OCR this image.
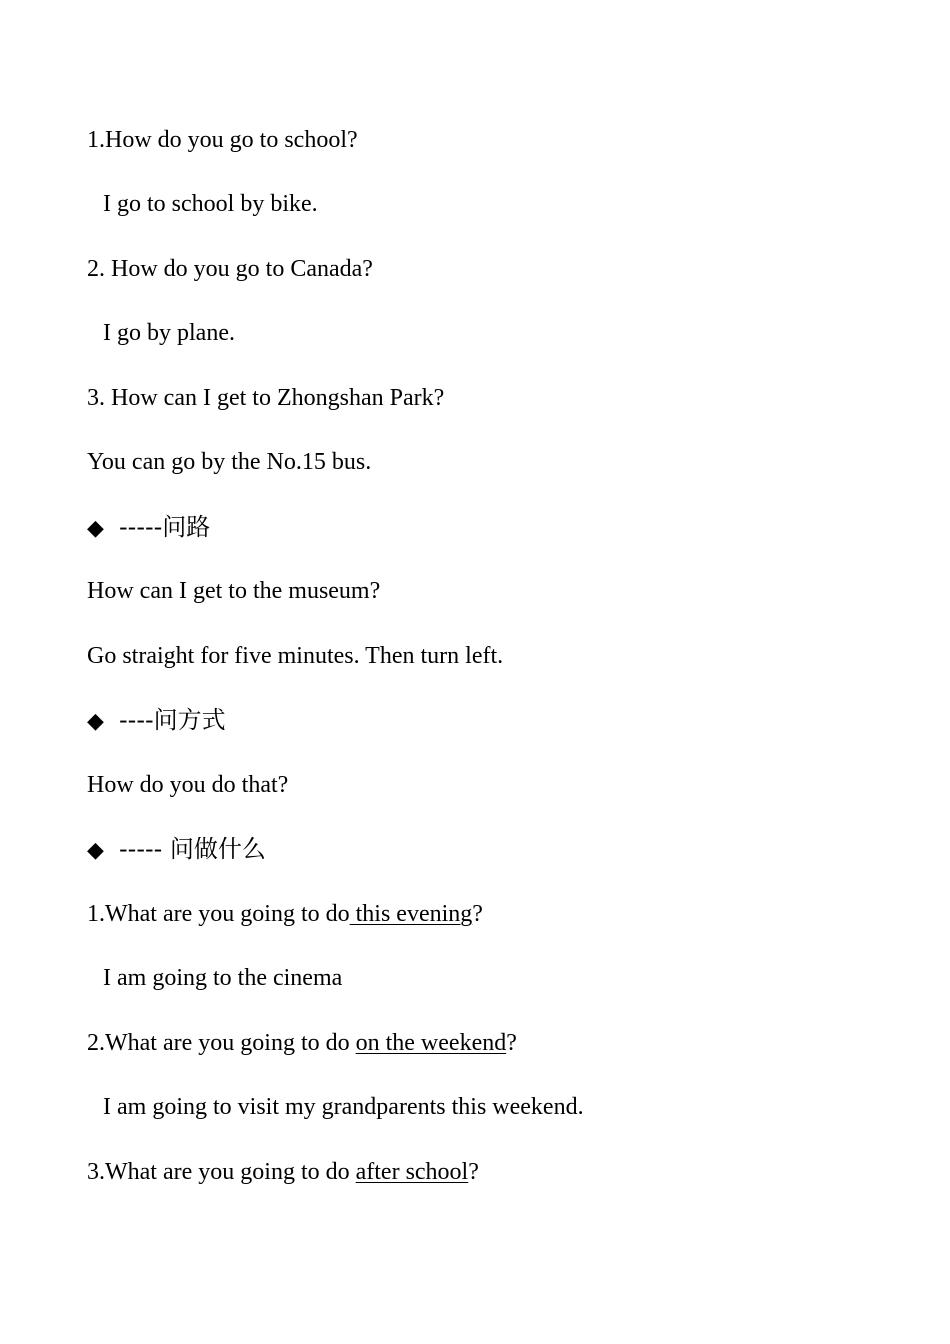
1.How do you go to school?

I go to school by bike.

2. How do you go to Canada?

I go by plane.

3. How can I get to Zhongshan Park?

You can go by the No.15 bus.

◆ -----问路

How can I get to the museum?

Go straight for five minutes. Then turn left.

◆ ----问方式

How do you do that?

◆ ----- 问做什么

1.What are you going to do this evening?

I am going to the cinema

2.What are you going to do on the weekend?

I am going to visit my grandparents this weekend.

3.What are you going to do after school?
